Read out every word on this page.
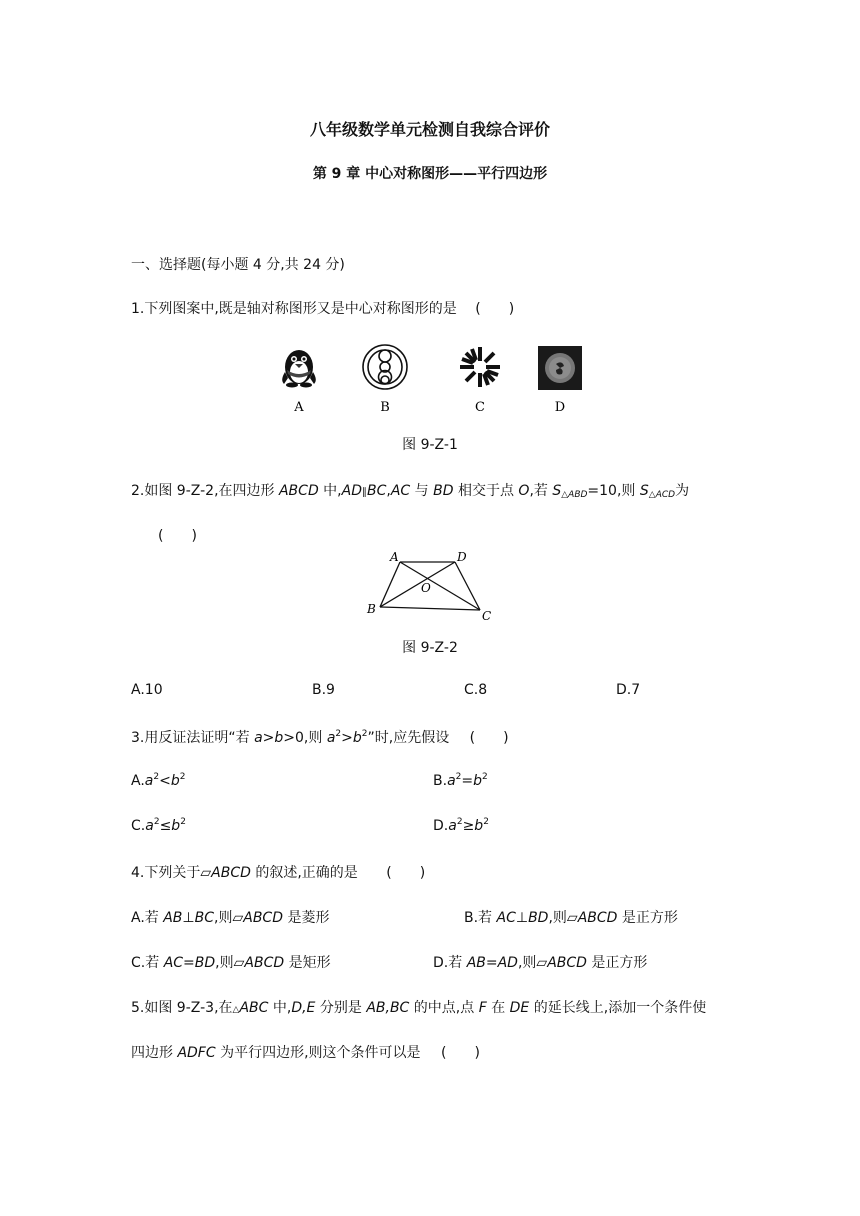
八年级数学单元检测自我综合评价
第 9 章 中心对称图形——平行四边形
一、选择题(每小题 4 分,共 24 分)
1.下列图案中,既是轴对称图形又是中心对称图形的是 (　　)
A	B	C	D
图 9-Z-1
2.如图 9-Z-2,在四边形 ABCD 中,AD∥BC,AC 与 BD 相交于点 O,若 $S_{\triangle ABD}=10$,则 $S_{\triangle ACD}$为
(　　)
A	D
O
B	C
图 9-Z-2
A.10	B.9	C.8	D.7
3.用反证法证明“若 a>b>0,则 $a^2>b^2$”时,应先假设 (　　)
$A.a^2<b^2$	$B.a^2=b^2$
$C.a^2\le b^2$	$D.a^2\ge b^2$
4.下列关于▱ABCD 的叙述,正确的是 (　　)
A.若 AB⊥BC,则▱ABCD 是菱形	B.若 AC⊥BD,则▱ABCD 是正方形
C.若 AC=BD,则▱ABCD 是矩形	D.若 AB=AD,则▱ABCD 是正方形
5.如图 9-Z-3,在△ABC 中,D,E 分别是 AB,BC 的中点,点 F 在 DE 的延长线上,添加一个条件使
四边形 ADFC 为平行四边形,则这个条件可以是 (　　)
